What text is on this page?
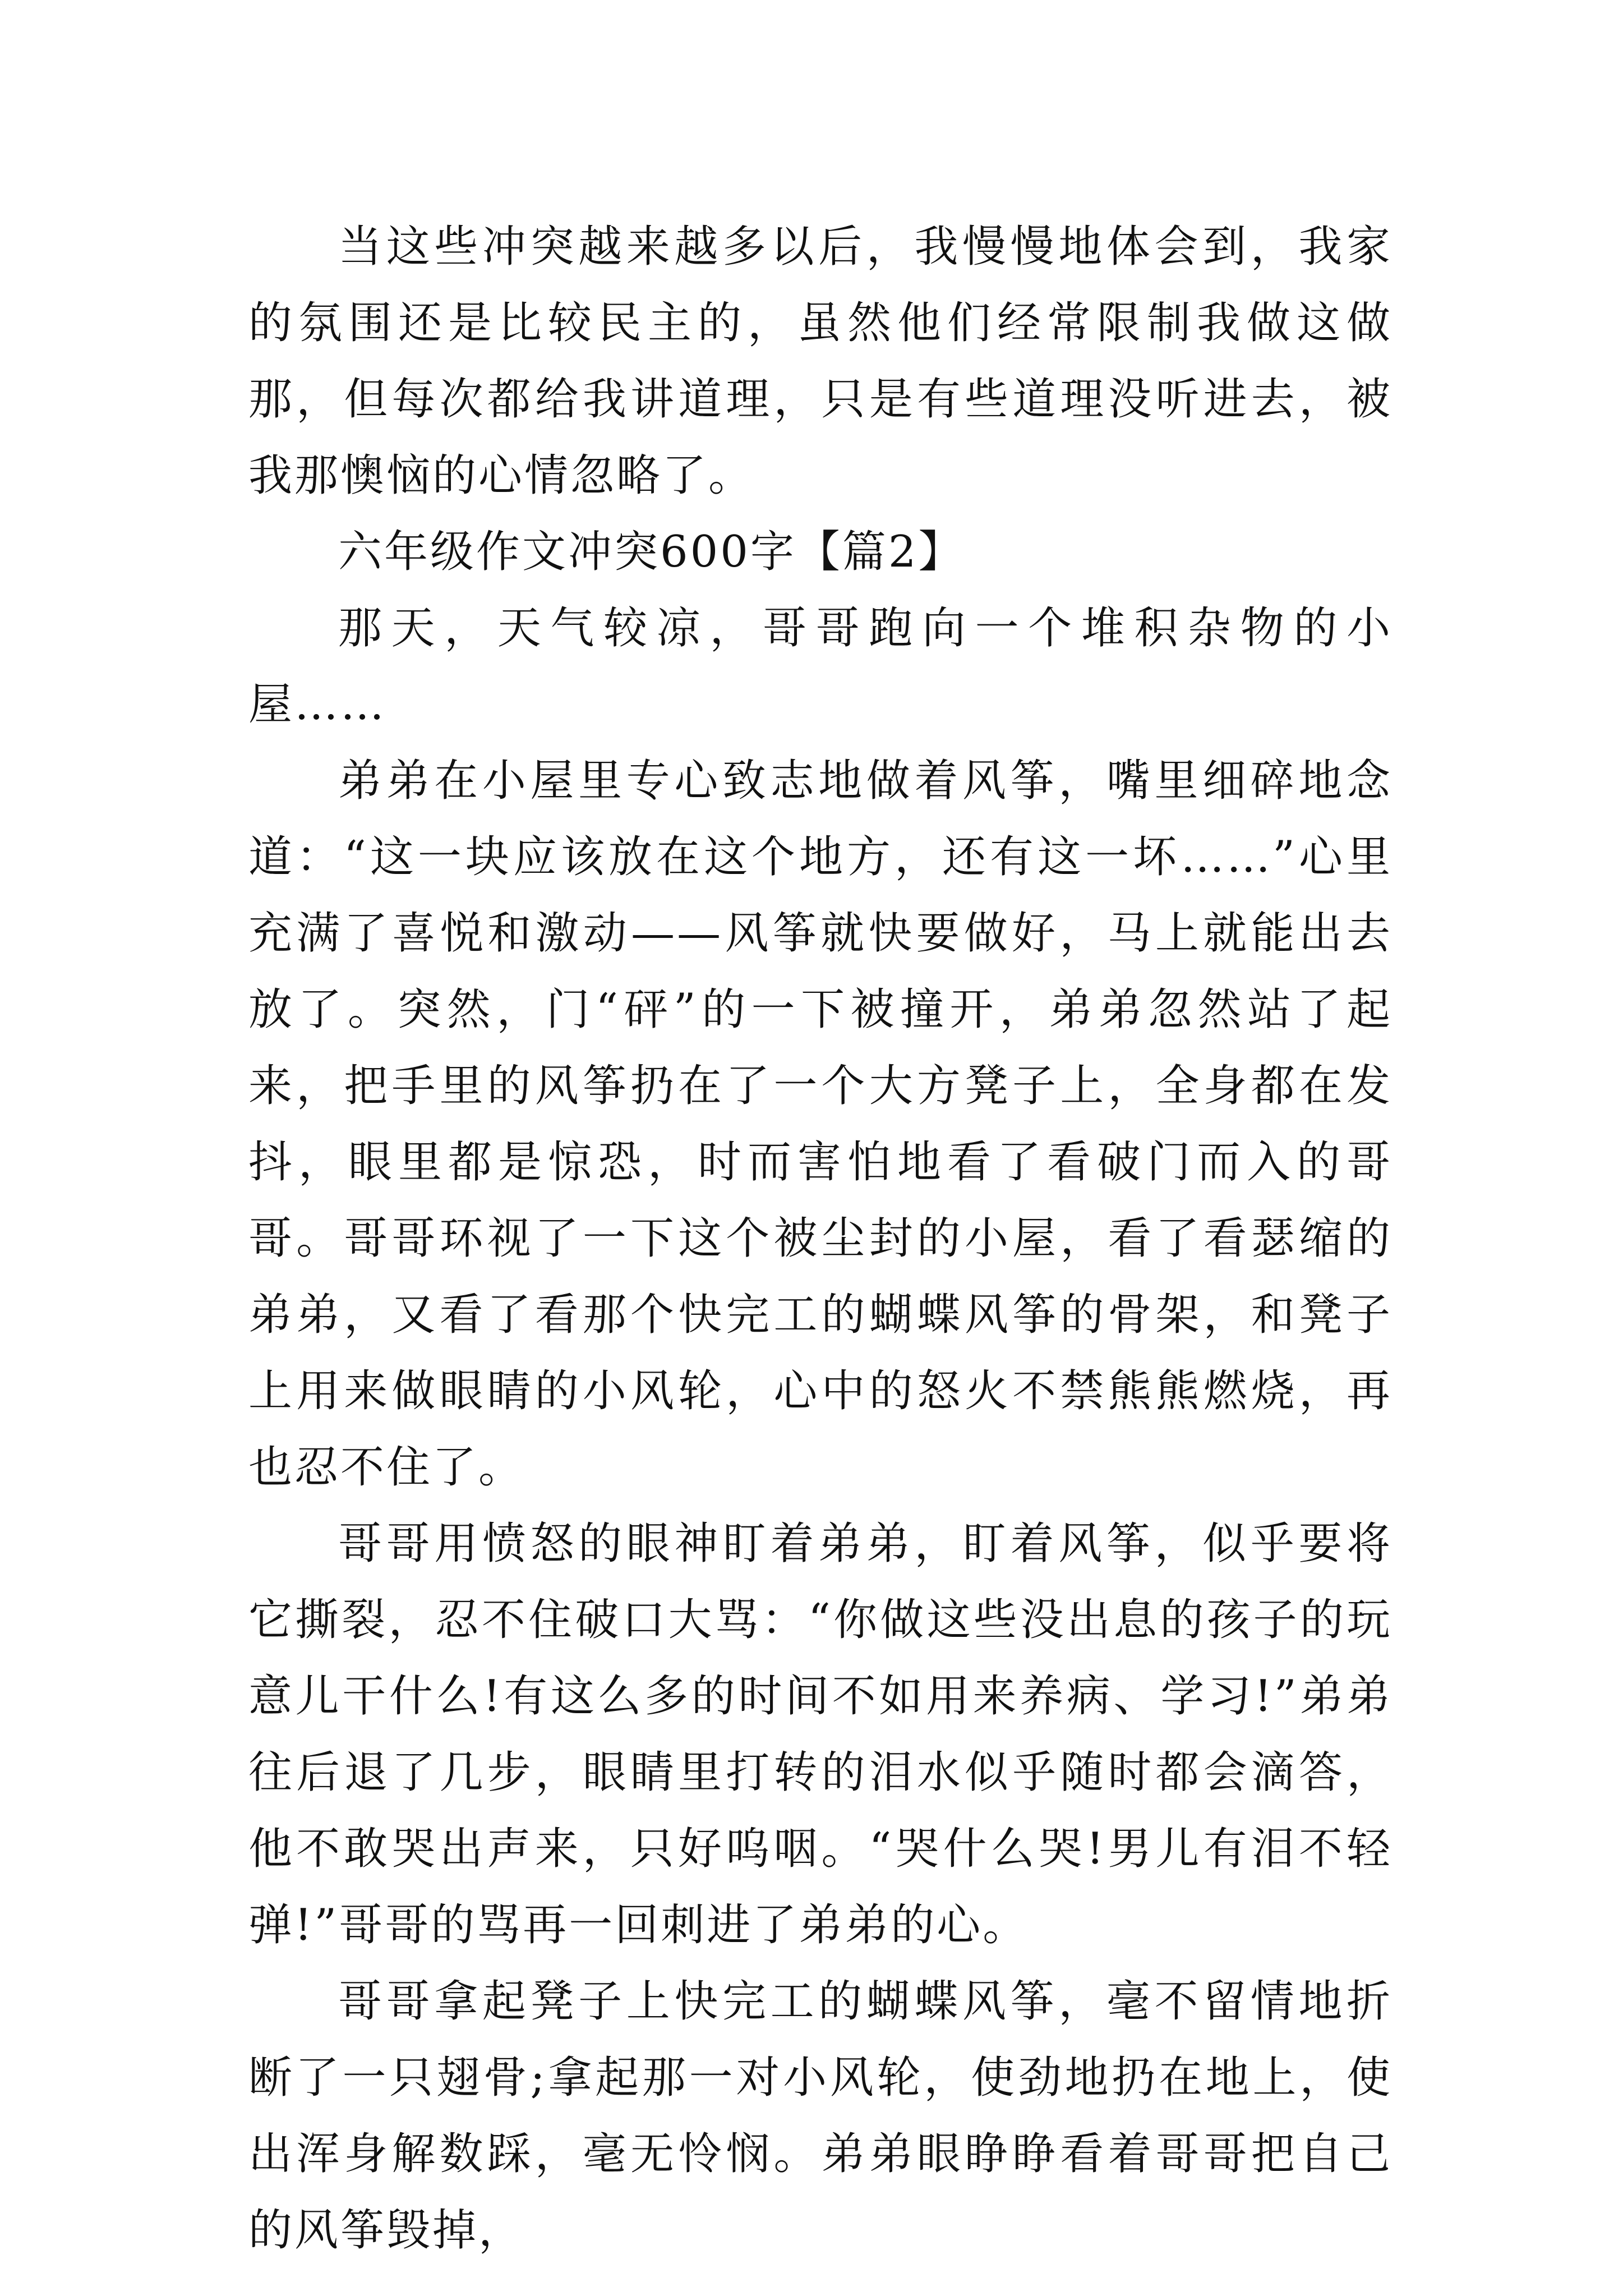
当这些冲突越来越多以后，我慢慢地体会到，我家的氛围还是比较民主的，虽然他们经常限制我做这做那，但每次都给我讲道理，只是有些道理没听进去，被我那懊恼的心情忽略了。

六年级作文冲突600字【篇2】

那天，天气较凉，哥哥跑向一个堆积杂物的小屋……

弟弟在小屋里专心致志地做着风筝，嘴里细碎地念道：“这一块应该放在这个地方，还有这一坏……”心里充满了喜悦和激动——风筝就快要做好，马上就能出去放了。突然，门“砰”的一下被撞开，弟弟忽然站了起来，把手里的风筝扔在了一个大方凳子上，全身都在发抖，眼里都是惊恐，时而害怕地看了看破门而入的哥哥。哥哥环视了一下这个被尘封的小屋，看了看瑟缩的弟弟，又看了看那个快完工的蝴蝶风筝的骨架，和凳子上用来做眼睛的小风轮，心中的怒火不禁熊熊燃烧，再也忍不住了。

哥哥用愤怒的眼神盯着弟弟，盯着风筝，似乎要将它撕裂，忍不住破口大骂：“你做这些没出息的孩子的玩意儿干什么!有这么多的时间不如用来养病、学习!”弟弟往后退了几步，眼睛里打转的泪水似乎随时都会滴答，他不敢哭出声来，只好呜咽。“哭什么哭!男儿有泪不轻弹!”哥哥的骂再一回刺进了弟弟的心。

哥哥拿起凳子上快完工的蝴蝶风筝，毫不留情地折断了一只翅骨;拿起那一对小风轮，使劲地扔在地上，使出浑身解数踩，毫无怜悯。弟弟眼睁睁看着哥哥把自己的风筝毁掉，
